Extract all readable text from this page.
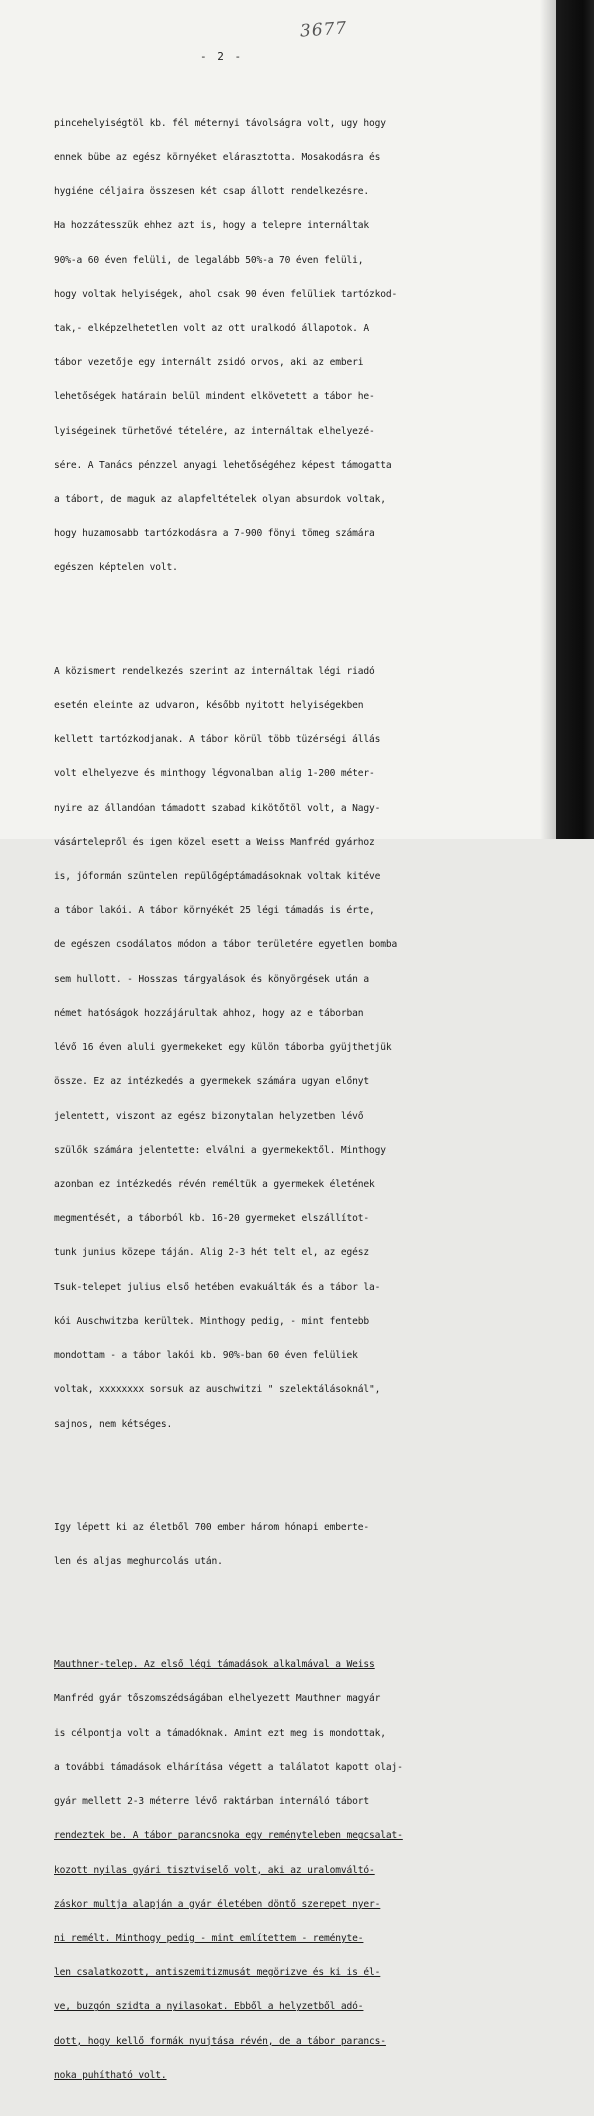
3677
- 2 -

pincehelyiségtöl kb. fél méternyi távolságra volt, ugy hogy

ennek bübe az egész környéket elárasztotta. Mosakodásra és

hygiéne céljaira összesen két csap állott rendelkezésre.

Ha hozzátesszük ehhez azt is, hogy a telepre internáltak

90%-a 60 éven felüli, de legalább 50%-a 70 éven felüli,

hogy voltak helyiségek, ahol csak 90 éven felüliek tartózkod-

tak,- elképzelhetetlen volt az ott uralkodó állapotok. A

tábor vezetője egy internált zsidó orvos, aki az emberi

lehetőségek határain belül mindent elkövetett a tábor he-

lyiségeinek türhetővé tételére, az internáltak elhelyezé-

sére. A Tanács pénzzel anyagi lehetőségéhez képest támogatta

a tábort, de maguk az alapfeltételek olyan absurdok voltak,

hogy huzamosabb tartózkodásra a 7-900 fönyi tömeg számára

egészen képtelen volt.

A közismert rendelkezés szerint az internáltak légi riadó

esetén eleinte az udvaron, később nyitott helyiségekben

kellett tartózkodjanak. A tábor körül több tüzérségi állás

volt elhelyezve és minthogy légvonalban alig 1-200 méter-

nyire az állandóan támadott szabad kikötőtöl volt, a Nagy-

vásártelepről és igen közel esett a Weiss Manfréd gyárhoz

is, jóformán szüntelen repülőgéptámadásoknak voltak kitéve

a tábor lakói. A tábor környékét 25 légi támadás is érte,

de egészen csodálatos módon a tábor területére egyetlen bomba

sem hullott. - Hosszas tárgyalások és könyörgések után a

német hatóságok hozzájárultak ahhoz, hogy az e táborban

lévő 16 éven aluli gyermekeket egy külön táborba gyüjthetjük

össze. Ez az intézkedés a gyermekek számára ugyan előnyt

jelentett, viszont az egész bizonytalan helyzetben lévő

szülők számára jelentette: elválni a gyermekektől. Minthogy

azonban ez intézkedés révén reméltük a gyermekek életének

megmentését, a táborból kb. 16-20 gyermeket elszállítot-

tunk junius közepe táján. Alig 2-3 hét telt el, az egész

Tsuk-telepet julius első hetében evakuálták és a tábor la-

kói Auschwitzba kerültek. Minthogy pedig, - mint fentebb

mondottam - a tábor lakói kb. 90%-ban 60 éven felüliek

voltak, xxxxxxxx sorsuk az auschwitzi " szelektálásoknál",

sajnos, nem kétséges.

Igy lépett ki az életből 700 ember három hónapi emberte-

len és aljas meghurcolás után.

Mauthner-telep. Az első légi támadások alkalmával a Weiss

Manfréd gyár tőszomszédságában elhelyezett Mauthner magyár

is célpontja volt a támadóknak. Amint ezt meg is mondottak,

a további támadások elhárítása végett a találatot kapott olaj-

gyár mellett 2-3 méterre lévő raktárban internáló tábort

rendeztek be. A tábor parancsnoka egy reményteleben megcsalat-

kozott nyilas gyári tisztviselő volt, aki az uralomváltó-

záskor multja alapján a gyár életében döntő szerepet nyer-

ni remélt. Minthogy pedig - mint említettem - reményte-

len csalatkozott, antiszemitizmusát megörizve és ki is él-

ve, buzgón szidta a nyilasokat. Ebből a helyzetből adó-

dott, hogy kellő formák nyujtása révén, de a tábor parancs-

noka puhítható volt.
